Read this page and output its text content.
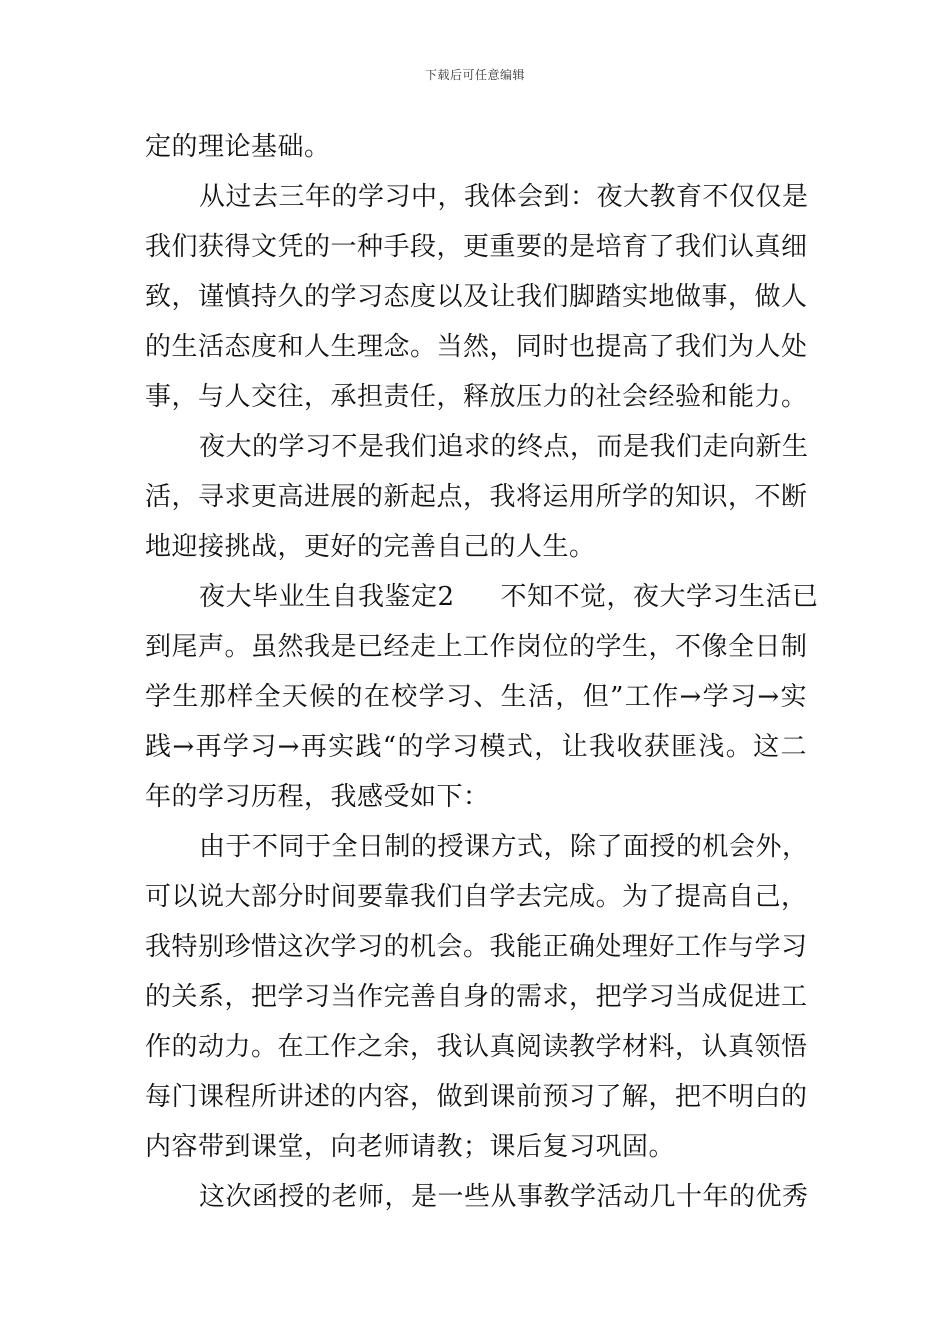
下载后可任意编辑
定的理论基础。
从过去三年的学习中，我体会到：夜大教育不仅仅是
我们获得文凭的一种手段，更重要的是培育了我们认真细
致，谨慎持久的学习态度以及让我们脚踏实地做事，做人
的生活态度和人生理念。当然，同时也提高了我们为人处
事，与人交往，承担责任，释放压力的社会经验和能力。
夜大的学习不是我们追求的终点，而是我们走向新生
活，寻求更高进展的新起点，我将运用所学的知识，不断
地迎接挑战，更好的完善自己的人生。
夜大毕业生自我鉴定2 不知不觉，夜大学习生活已
到尾声。虽然我是已经走上工作岗位的学生，不像全日制
学生那样全天候的在校学习、生活，但”工作→学习→实
践→再学习→再实践“的学习模式，让我收获匪浅。这二
年的学习历程，我感受如下：
由于不同于全日制的授课方式，除了面授的机会外，
可以说大部分时间要靠我们自学去完成。为了提高自己，
我特别珍惜这次学习的机会。我能正确处理好工作与学习
的关系，把学习当作完善自身的需求，把学习当成促进工
作的动力。在工作之余，我认真阅读教学材料，认真领悟
每门课程所讲述的内容，做到课前预习了解，把不明白的
内容带到课堂，向老师请教；课后复习巩固。
这次函授的老师，是一些从事教学活动几十年的优秀
